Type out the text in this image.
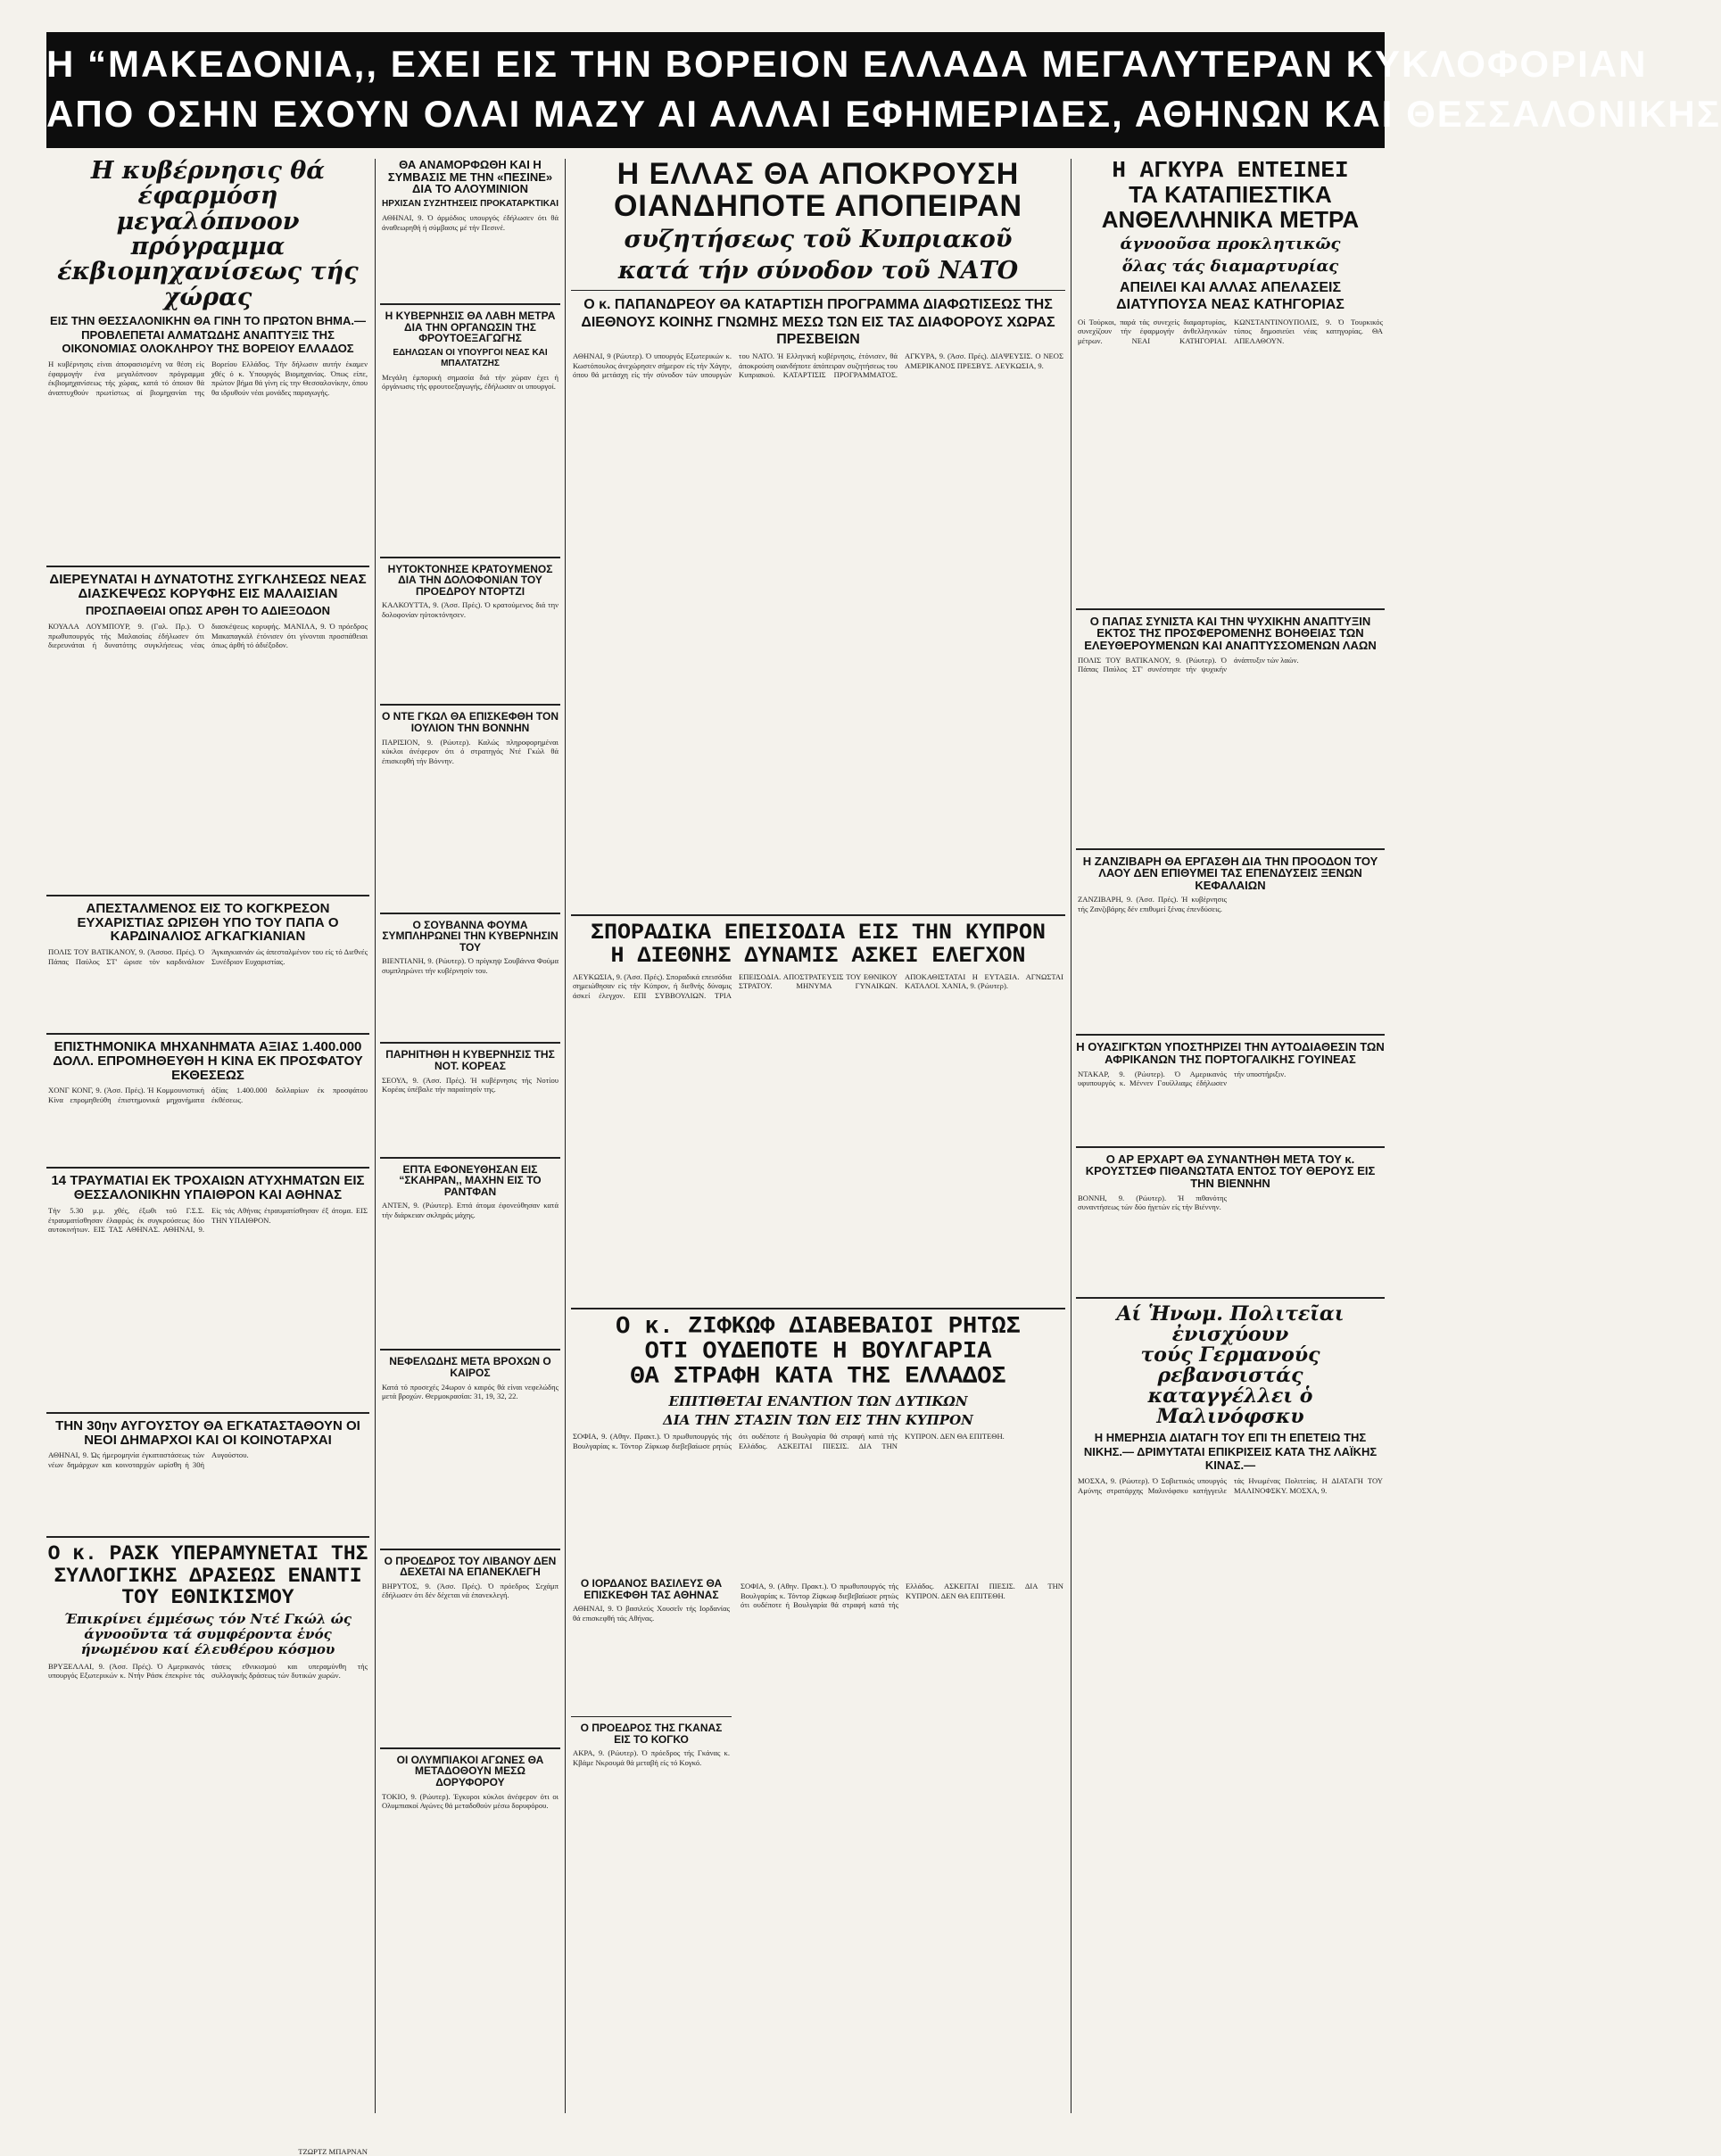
Η “ΜΑΚΕΔΟΝΙΑ,, ΕΧΕΙ ΕΙΣ ΤΗΝ ΒΟΡΕΙΟΝ ΕΛΛΑΔΑ ΜΕΓΑΛΥΤΕΡΑΝ ΚΥΚΛΟΦΟΡΙΑΝ
ΑΠΟ ΟΣΗΝ ΕΧΟΥΝ ΟΛΑΙ ΜΑΖΥ ΑΙ ΑΛΛΑΙ ΕΦΗΜΕΡΙΔΕΣ, ΑΘΗΝΩΝ ΚΑΙ ΘΕΣΣΑΛΟΝΙΚΗΣ
Η κυβέρνησις θά έφαρμόση μεγαλόπνοον πρόγραμμα έκβιομηχανίσεως τής χώρας
ΕΙΣ ΤΗΝ ΘΕΣΣΑΛΟΝΙΚΗΝ ΘΑ ΓΙΝΗ ΤΟ ΠΡΩΤΟΝ ΒΗΜΑ.— ΠΡΟΒΛΕΠΕΤΑΙ ΑΛΜΑΤΩΔΗΣ ΑΝΑΠΤΥΞΙΣ ΤΗΣ ΟΙΚΟΝΟΜΙΑΣ ΟΛΟΚΛΗΡΟΥ ΤΗΣ ΒΟΡΕΙΟΥ ΕΛΛΑΔΟΣ
Η κυβέρνησις είναι άποφασισμένη να θέση είς έφαρμογήν ένα μεγαλόπνοον πρόγραμμα έκβιομηχανίσεως τής χώρας, κατά τό όποιον θά άναπτυχθούν πρωτίστως αί βιομηχανίαι της Βορείου Ελλάδος. Τήν δήλωσιν αυτήν έκαμεν χθές ό κ. Υπουργός Βιομηχανίας. Όπως είπε, πρώτον βήμα θά γίνη είς την Θεσσαλονίκην, όπου θα ιδρυθούν νέαι μονάδες παραγωγής.
ΔΙΕΡΕΥΝΑΤΑΙ Η ΔΥΝΑΤΟΤΗΣ ΣΥΓΚΛΗΣΕΩΣ ΝΕΑΣ ΔΙΑΣΚΕΨΕΩΣ ΚΟΡΥΦΗΣ ΕΙΣ ΜΑΛΑΙΣΙΑΝ
ΠΡΟΣΠΑΘΕΙΑΙ ΟΠΩΣ ΑΡΘΗ ΤΟ ΑΔΙΕΞΟΔΟΝ
ΚΟΥΑΛΑ ΛΟΥΜΠΟΥΡ, 9. (Γαλ. Πρ.). Ό πρωθυπουργός τής Μαλαισίας έδήλωσεν ότι διερευνάται ή δυνατότης συγκλήσεως νέας διασκέψεως κορυφής. ΜΑΝΙΛΑ, 9. Ό πρόεδρος Μακαπαγκάλ έτόνισεν ότι γίνονται προσπάθειαι όπως άρθή τό άδιέξοδον.
ΑΠΕΣΤΑΛΜΕΝΟΣ ΕΙΣ ΤΟ ΚΟΓΚΡΕΣΟΝ ΕΥΧΑΡΙΣΤΙΑΣ ΩΡΙΣΘΗ ΥΠΟ ΤΟΥ ΠΑΠΑ Ο ΚΑΡΔΙΝΑΛΙΟΣ ΑΓΚΑΓΚΙΑΝΙΑΝ
ΠΟΛΙΣ ΤΟΥ ΒΑΤΙΚΑΝΟΥ, 9. (Άσσοσ. Πρές). Ό Πάπας Παύλος ΣΤ' ώρισε τόν καρδινάλιον Άγκαγκιανιάν ώς άπεσταλμένον του είς τό Διεθνές Συνέδριον Ευχαριστίας.
ΕΠΙΣΤΗΜΟΝΙΚΑ ΜΗΧΑΝΗΜΑΤΑ ΑΞΙΑΣ 1.400.000 ΔΟΛΛ. ΕΠΡΟΜΗΘΕΥΘΗ Η ΚΙΝΑ ΕΚ ΠΡΟΣΦΑΤΟΥ ΕΚΘΕΣΕΩΣ
ΧΟΝΓ ΚΟΝΓ, 9. (Άσσ. Πρές). Ή Κομμουνιστική Κίνα επρομηθεύθη έπιστημονικά μηχανήματα άξίας 1.400.000 δολλαρίων έκ προσφάτου έκθέσεως.
14 ΤΡΑΥΜΑΤΙΑΙ ΕΚ ΤΡΟΧΑΙΩΝ ΑΤΥΧΗΜΑΤΩΝ ΕΙΣ ΘΕΣΣΑΛΟΝΙΚΗΝ ΥΠΑΙΘΡΟΝ ΚΑΙ ΑΘΗΝΑΣ
Τήν 5.30 μ.μ. χθές, έξωθι τοῦ Γ.Σ.Σ. έτραυματίσθησαν έλαφρώς έκ συγκρούσεως δύο αυτοκινήτων. ΕΙΣ ΤΑΣ ΑΘΗΝΑΣ. ΑΘΗΝΑΙ, 9. Είς τάς Αθήνας έτραυματίσθησαν έξ άτομα. ΕΙΣ ΤΗΝ ΥΠΑΙΘΡΟΝ.
ΤΗΝ 30ην ΑΥΓΟΥΣΤΟΥ ΘΑ ΕΓΚΑΤΑΣΤΑΘΟΥΝ ΟΙ ΝΕΟΙ ΔΗΜΑΡΧΟΙ ΚΑΙ ΟΙ ΚΟΙΝΟΤΑΡΧΑΙ
ΑΘΗΝΑΙ, 9. Ώς ήμερομηνία έγκαταστάσεως τών νέων δημάρχων και κοινοταρχών ωρίσθη ή 30ή Αυγούστου.
Ο κ. ΡΑΣΚ ΥΠΕΡΑΜΥΝΕΤΑΙ ΤΗΣ ΣΥΛΛΟΓΙΚΗΣ ΔΡΑΣΕΩΣ ΕΝΑΝΤΙ ΤΟΥ ΕΘΝΙΚΙΣΜΟΥ
Έπικρίνει έμμέσως τόν Ντέ Γκώλ ώς άγνοοῦντα τά συμφέροντα ἑνός ήνωμένου καί έλευθέρου κόσμου
ΒΡΥΞΕΛΛΑΙ, 9. (Άσσ. Πρές). Ό Αμερικανός υπουργός Εξωτερικών κ. Ντήν Ράσκ έπεκρίνε τάς τάσεις εθνικισμού και υπεραμύνθη τής συλλογικής δράσεως τών δυτικών χωρών.
ΤΖΩΡΤΖ ΜΠΑΡΝΑΝ
ΘΑ ΑΝΑΜΟΡΦΩΘΗ ΚΑΙ Η ΣΥΜΒΑΣΙΣ ΜΕ ΤΗΝ «ΠΕΣΙΝΕ» ΔΙΑ ΤΟ ΑΛΟΥΜΙΝΙΟΝ
ΗΡΧΙΣΑΝ ΣΥΖΗΤΗΣΕΙΣ ΠΡΟΚΑΤΑΡΚΤΙΚΑΙ
ΑΘΗΝΑΙ, 9. Ό άρμόδιος υπουργός έδήλωσεν ότι θά άναθεωρηθή ή σύμβασις μέ τήν Πεσινέ.
Η ΚΥΒΕΡΝΗΣΙΣ ΘΑ ΛΑΒΗ ΜΕΤΡΑ ΔΙΑ ΤΗΝ ΟΡΓΑΝΩΣΙΝ ΤΗΣ ΦΡΟΥΤΟΕΞΑΓΩΓΗΣ
ΕΔΗΛΩΣΑΝ ΟΙ ΥΠΟΥΡΓΟΙ ΝΕΑΣ ΚΑΙ ΜΠΑΛΤΑΤΖΗΣ
Μεγάλη έμπορική σημασία διά τήν χώραν έχει ή όργάνωσις τής φρουτοεξαγωγής, έδήλωσαν οι υπουργοί.
ΗΥΤΟΚΤΟΝΗΣΕ ΚΡΑΤΟΥΜΕΝΟΣ ΔΙΑ ΤΗΝ ΔΟΛΟΦΟΝΙΑΝ ΤΟΥ ΠΡΟΕΔΡΟΥ ΝΤΟΡΤΖΙ
ΚΑΛΚΟΥΤΤΑ, 9. (Άσσ. Πρές). Ό κρατούμενος διά την δολοφονίαν ηὐτοκτόνησεν.
Ο ΝΤΕ ΓΚΩΛ ΘΑ ΕΠΙΣΚΕΦΘΗ ΤΟΝ ΙΟΥΛΙΟΝ ΤΗΝ ΒΟΝΝΗΝ
ΠΑΡΙΣΙΟΝ, 9. (Ρώυτερ). Καλώς πληροφορημέναι κύκλοι άνέφερον ότι ό στρατηγός Ντέ Γκώλ θά έπισκεφθή τήν Βόννην.
Ο ΣΟΥΒΑΝΝΑ ΦΟΥΜΑ ΣΥΜΠΛΗΡΩΝΕΙ ΤΗΝ ΚΥΒΕΡΝΗΣΙΝ ΤΟΥ
ΒΙΕΝΤΙΑΝΗ, 9. (Ρώυτερ). Ό πρίγκηψ Σουβάννα Φούμα συμπληρώνει τήν κυβέρνησίν του.
ΠΑΡΗΙΤΗΘΗ Η ΚΥΒΕΡΝΗΣΙΣ ΤΗΣ ΝΟΤ. ΚΟΡΕΑΣ
ΣΕΟΥΛ, 9. (Άσσ. Πρές). Ή κυβέρνησις τής Νοτίου Κορέας ύπέβαλε τήν παραίτησίν της.
ΕΠΤΑ ΕΦΟΝΕΥΘΗΣΑΝ ΕΙΣ “ΣΚΑΗΡΑΝ,, ΜΑΧΗΝ ΕΙΣ ΤΟ ΡΑΝΤΦΑΝ
ΑΝΤΕΝ, 9. (Ρώυτερ). Επτά άτομα έφονεύθησαν κατά τήν διάρκειαν σκληράς μάχης.
ΝΕΦΕΛΩΔΗΣ ΜΕΤΑ ΒΡΟΧΩΝ Ο ΚΑΙΡΟΣ
Κατά τό προσεχές 24ωρον ό καιρός θά είναι νεφελώδης μετά βροχών. Θερμοκρασίαι: 31, 19, 32, 22.
Ο ΠΡΟΕΔΡΟΣ ΤΟΥ ΛΙΒΑΝΟΥ ΔΕΝ ΔΕΧΕΤΑΙ ΝΑ ΕΠΑΝΕΚΛΕΓΗ
ΒΗΡΥΤΟΣ, 9. (Άσσ. Πρές). Ό πρόεδρος Σεχάμπ έδήλωσεν ότι δέν δέχεται νά έπανεκλεγή.
ΟΙ ΟΛΥΜΠΙΑΚΟΙ ΑΓΩΝΕΣ ΘΑ ΜΕΤΑΔΟΘΟΥΝ ΜΕΣΩ ΔΟΡΥΦΟΡΟΥ
ΤΟΚΙΟ, 9. (Ρώυτερ). Έγκυροι κύκλοι άνέφερον ότι οι Ολυμπιακοί Αγώνες θά μεταδοθούν μέσω δορυφόρου.
Η ΕΛΛΑΣ ΘΑ ΑΠΟΚΡΟΥΣΗ ΟΙΑΝΔΗΠΟΤΕ ΑΠΟΠΕΙΡΑΝ
συζητήσεως τοῦ Κυπριακοῦ
κατά τήν σύνοδον τοῦ ΝΑΤΟ
Ο κ. ΠΑΠΑΝΔΡΕΟΥ ΘΑ ΚΑΤΑΡΤΙΣΗ ΠΡΟΓΡΑΜΜΑ ΔΙΑΦΩΤΙΣΕΩΣ ΤΗΣ ΔΙΕΘΝΟΥΣ ΚΟΙΝΗΣ ΓΝΩΜΗΣ ΜΕΣΩ ΤΩΝ ΕΙΣ ΤΑΣ ΔΙΑΦΟΡΟΥΣ ΧΩΡΑΣ ΠΡΕΣΒΕΙΩΝ
ΑΘΗΝΑΙ, 9 (Ρώυτερ). Ό υπουργός Εξωτερικών κ. Κωστόπουλος άνεχώρησεν σήμερον είς τήν Χάγην, όπου θά μετάσχη είς τήν σύνοδον τών υπουργών του ΝΑΤΟ. Ή Ελληνική κυβέρνησις, έτόνισεν, θά άποκρούση οιανδήποτε άπόπειραν συζητήσεως του Κυπριακού. ΚΑΤΑΡΤΙΣΙΣ ΠΡΟΓΡΑΜΜΑΤΟΣ. ΑΓΚΥΡΑ, 9. (Άσσ. Πρές). ΔΙΑΨΕΥΣΙΣ. Ο ΝΕΟΣ ΑΜΕΡΙΚΑΝΟΣ ΠΡΕΣΒΥΣ. ΛΕΥΚΩΣΙΑ, 9.
ΣΠΟΡΑΔΙΚΑ ΕΠΕΙΣΟΔΙΑ ΕΙΣ ΤΗΝ ΚΥΠΡΟΝ
Η ΔΙΕΘΝΗΣ ΔΥΝΑΜΙΣ ΑΣΚΕΙ ΕΛΕΓΧΟΝ
ΛΕΥΚΩΣΙΑ, 9. (Άσσ. Πρές). Σποραδικά επεισόδια σημειώθησαν είς τήν Κύπρον, ή διεθνής δύναμις άσκεί έλεγχον. ΕΠΙ ΣΥΒΒΟΥΛΙΩΝ. ΤΡΙΑ ΕΠΕΙΣΟΔΙΑ. ΑΠΟΣΤΡΑΤΕΥΣΙΣ ΤΟΥ ΕΘΝΙΚΟΥ ΣΤΡΑΤΟΥ. ΜΗΝΥΜΑ ΓΥΝΑΙΚΩΝ. ΑΠΟΚΑΘΙΣΤΑΤΑΙ Η ΕΥΤΑΞΙΑ. ΑΓΝΩΣΤΑΙ ΚΑΤΑΛΟΙ. ΧΑΝΙΑ, 9. (Ρώυτερ).
Ο κ. ΖΙΦΚΩΦ ΔΙΑΒΕΒΑΙΟΙ ΡΗΤΩΣ
ΟΤΙ ΟΥΔΕΠΟΤΕ Η ΒΟΥΛΓΑΡΙΑ
ΘΑ ΣΤΡΑΦΗ ΚΑΤΑ ΤΗΣ ΕΛΛΑΔΟΣ
ΕΠΙΤΙΘΕΤΑΙ ΕΝΑΝΤΙΟΝ ΤΩΝ ΔΥΤΙΚΩΝ
ΔΙΑ ΤΗΝ ΣΤΑΣΙΝ ΤΩΝ ΕΙΣ ΤΗΝ ΚΥΠΡΟΝ
ΣΟΦΙΑ, 9. (Αθην. Πρακτ.). Ό πρωθυπουργός τής Βουλγαρίας κ. Τόντορ Ζίφκωφ διεβεβαίωσε ρητώς ότι ουδέποτε ή Βουλγαρία θά στραφή κατά τής Ελλάδος. ΑΣΚΕΙΤΑΙ ΠΙΕΣΙΣ. ΔΙΑ ΤΗΝ ΚΥΠΡΟΝ. ΔΕΝ ΘΑ ΕΠΙΤΕΘΗ.
Ο ΙΟΡΔΑΝΟΣ ΒΑΣΙΛΕΥΣ ΘΑ ΕΠΙΣΚΕΦΘΗ ΤΑΣ ΑΘΗΝΑΣ
ΑΘΗΝΑΙ, 9. Ό βασιλεύς Χουσεΐν τής Ιορδανίας θά επισκεφθή τάς Αθήνας.
Ο ΠΡΟΕΔΡΟΣ ΤΗΣ ΓΚΑΝΑΣ ΕΙΣ ΤΟ ΚΟΓΚΟ
ΑΚΡΑ, 9. (Ρώυτερ). Ό πρόεδρος τής Γκάνας κ. Κβάμε Νκρουμά θά μεταβή είς τό Κογκό.
ΣΟΦΙΑ, 9. (Αθην. Πρακτ.). Ό πρωθυπουργός τής Βουλγαρίας κ. Τόντορ Ζίφκωφ διεβεβαίωσε ρητώς ότι ουδέποτε ή Βουλγαρία θά στραφή κατά τής Ελλάδος. ΑΣΚΕΙΤΑΙ ΠΙΕΣΙΣ. ΔΙΑ ΤΗΝ ΚΥΠΡΟΝ. ΔΕΝ ΘΑ ΕΠΙΤΕΘΗ.
Η ΑΓΚΥΡΑ ΕΝΤΕΙΝΕΙ
ΤΑ ΚΑΤΑΠΙΕΣΤΙΚΑ
ΑΝΘΕΛΛΗΝΙΚΑ ΜΕΤΡΑ
άγνοοῦσα προκλητικῶς
ὅλας τάς διαμαρτυρίας
ΑΠΕΙΛΕΙ ΚΑΙ ΑΛΛΑΣ ΑΠΕΛΑΣΕΙΣ ΔΙΑΤΥΠΟΥΣΑ ΝΕΑΣ ΚΑΤΗΓΟΡΙΑΣ
Οί Τούρκοι, παρά τάς συνεχείς διαμαρτυρίας, συνεχίζουν τήν έφαρμογήν άνθελληνικών μέτρων. ΝΕΑΙ ΚΑΤΗΓΟΡΙΑΙ. ΚΩΝΣΤΑΝΤΙΝΟΥΠΟΛΙΣ, 9. Ό Τουρκικός τύπος δημοσιεύει νέας κατηγορίας. ΘΑ ΑΠΕΛΑΘΟΥΝ.
Ο ΠΑΠΑΣ ΣΥΝΙΣΤΑ ΚΑΙ ΤΗΝ ΨΥΧΙΚΗΝ ΑΝΑΠΤΥΞΙΝ ΕΚΤΟΣ ΤΗΣ ΠΡΟΣΦΕΡΟΜΕΝΗΣ ΒΟΗΘΕΙΑΣ ΤΩΝ ΕΛΕΥΘΕΡΟΥΜΕΝΩΝ ΚΑΙ ΑΝΑΠΤΥΣΣΟΜΕΝΩΝ ΛΑΩΝ
ΠΟΛΙΣ ΤΟΥ ΒΑΤΙΚΑΝΟΥ, 9. (Ρώυτερ). Ό Πάπας Παύλος ΣΤ' συνέστησε τήν ψυχικήν άνάπτυξιν τών λαών.
Η ΖΑΝΖΙΒΑΡΗ ΘΑ ΕΡΓΑΣΘΗ ΔΙΑ ΤΗΝ ΠΡΟΟΔΟΝ ΤΟΥ ΛΑΟΥ ΔΕΝ ΕΠΙΘΥΜΕΙ ΤΑΣ ΕΠΕΝΔΥΣΕΙΣ ΞΕΝΩΝ ΚΕΦΑΛΑΙΩΝ
ΖΑΝΖΙΒΑΡΗ, 9. (Άσσ. Πρές). Ή κυβέρνησις τής Ζανζιβάρης δέν επιθυμεί ξένας έπενδύσεις.
Η ΟΥΑΣΙΓΚΤΩΝ ΥΠΟΣΤΗΡΙΖΕΙ ΤΗΝ ΑΥΤΟΔΙΑΘΕΣΙΝ ΤΩΝ ΑΦΡΙΚΑΝΩΝ ΤΗΣ ΠΟΡΤΟΓΑΛΙΚΗΣ ΓΟΥΙΝΕΑΣ
ΝΤΑΚΑΡ, 9. (Ρώυτερ). Ό Αμερικανός υφυπουργός κ. Μέννεν Γουίλλιαμς έδήλωσεν τήν υποστήριξιν.
Ο ΑΡ ΕΡΧΑΡΤ ΘΑ ΣΥΝΑΝΤΗΘΗ ΜΕΤΑ ΤΟΥ κ. ΚΡΟΥΣΤΣΕΦ ΠΙΘΑΝΩΤΑΤΑ ΕΝΤΟΣ ΤΟΥ ΘΕΡΟΥΣ ΕΙΣ ΤΗΝ ΒΙΕΝΝΗΝ
ΒΟΝΝΗ, 9. (Ρώυτερ). Ή πιθανότης συναντήσεως τών δύο ήγετών είς τήν Βιέννην.
Αί Ἡνωμ. Πολιτεῖαι ἐνισχύουν
τούς Γερμανούς ρεβανσιστάς
καταγγέλλει ὁ Μαλινόφσκυ
Η ΗΜΕΡΗΣΙΑ ΔΙΑΤΑΓΗ ΤΟΥ ΕΠΙ ΤΗ ΕΠΕΤΕΙΩ ΤΗΣ ΝΙΚΗΣ.— ΔΡΙΜΥΤΑΤΑΙ ΕΠΙΚΡΙΣΕΙΣ ΚΑΤΑ ΤΗΣ ΛΑΪΚΗΣ ΚΙΝΑΣ.—
ΜΟΣΧΑ, 9. (Ρώυτερ). Ό Σοβιετικός υπουργός Αμύνης στρατάρχης Μαλινόφσκυ κατήγγειλε τάς Ηνωμένας Πολιτείας. Η ΔΙΑΤΑΓΗ ΤΟΥ ΜΑΛΙΝΟΦΣΚΥ. ΜΟΣΧΑ, 9.
